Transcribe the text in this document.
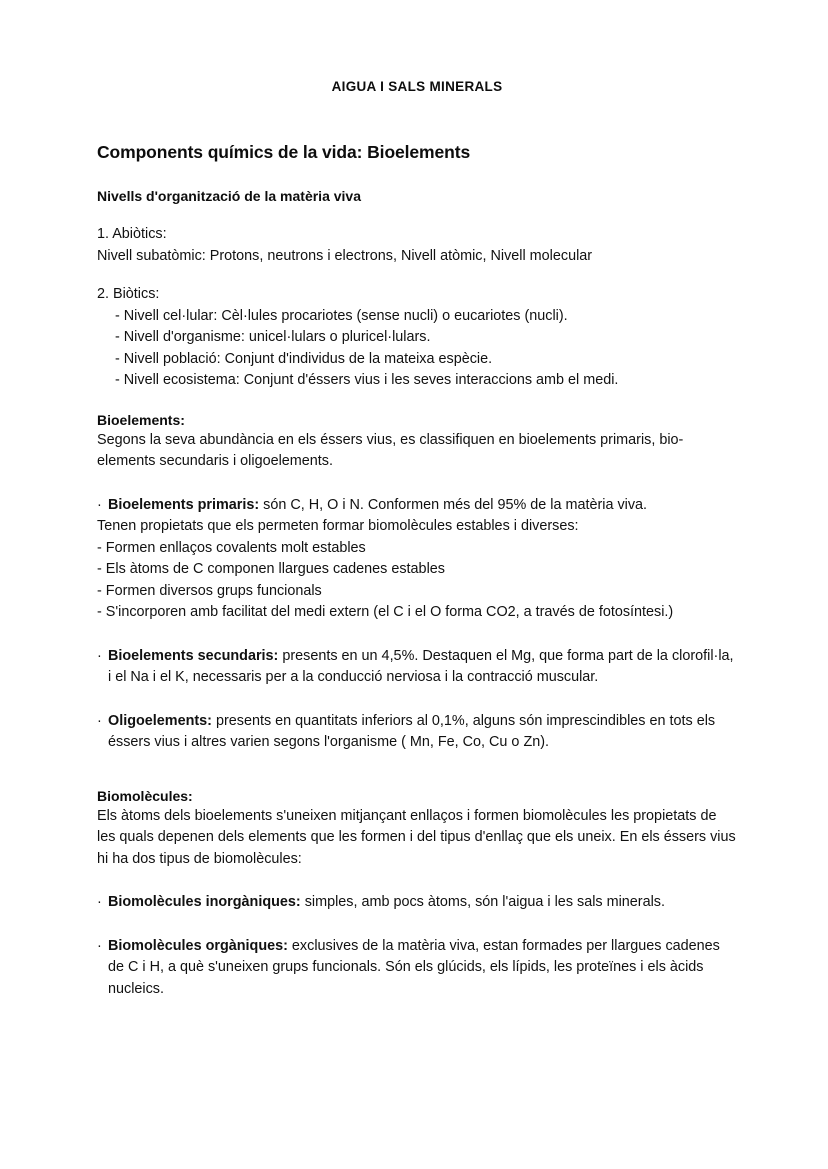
AIGUA I SALS MINERALS
Components químics de la vida: Bioelements
Nivells d'organització de la matèria viva
1. Abiòtics:
Nivell subatòmic: Protons, neutrons i electrons, Nivell atòmic, Nivell molecular
2. Biòtics:
- Nivell cel·lular: Cèl·lules procariotes (sense nucli) o eucariotes (nucli).
- Nivell d'organisme: unicel·lulars o pluricel·lulars.
- Nivell població: Conjunt d'individus de la mateixa espècie.
- Nivell ecosistema: Conjunt d'éssers vius i les seves interaccions amb el medi.
Bioelements:
Segons la seva abundància en els éssers vius, es classifiquen en bioelements primaris, bio-elements secundaris i oligoelements.
· Bioelements primaris: són C, H, O i N. Conformen més del 95% de la matèria viva.
Tenen propietats que els permeten formar biomolècules estables i diverses:
- Formen enllaços covalents molt estables
- Els àtoms de C componen llargues cadenes estables
- Formen diversos grups funcionals
- S'incorporen amb facilitat del medi extern (el C i el O forma CO2, a través de fotosíntesi.)
· Bioelements secundaris: presents en un 4,5%. Destaquen el Mg, que forma part de la clorofil·la, i el Na i el K, necessaris per a la conducció nerviosa i la contracció muscular.
· Oligoelements: presents en quantitats inferiors al 0,1%, alguns són imprescindibles en tots els éssers vius i altres varien segons l'organisme ( Mn, Fe, Co, Cu o Zn).
Biomolècules:
Els àtoms dels bioelements s'uneixen mitjançant enllaços i formen biomolècules les propietats de les quals depenen dels elements que les formen i del tipus d'enllaç que els uneix. En els éssers vius hi ha dos tipus de biomolècules:
· Biomolècules inorgàniques: simples, amb pocs àtoms, són l'aigua i les sals minerals.
· Biomolècules orgàniques: exclusives de la matèria viva, estan formades per llargues cadenes de C i H, a què s'uneixen grups funcionals. Són els glúcids, els lípids, les proteïnes i els àcids nucleics.
